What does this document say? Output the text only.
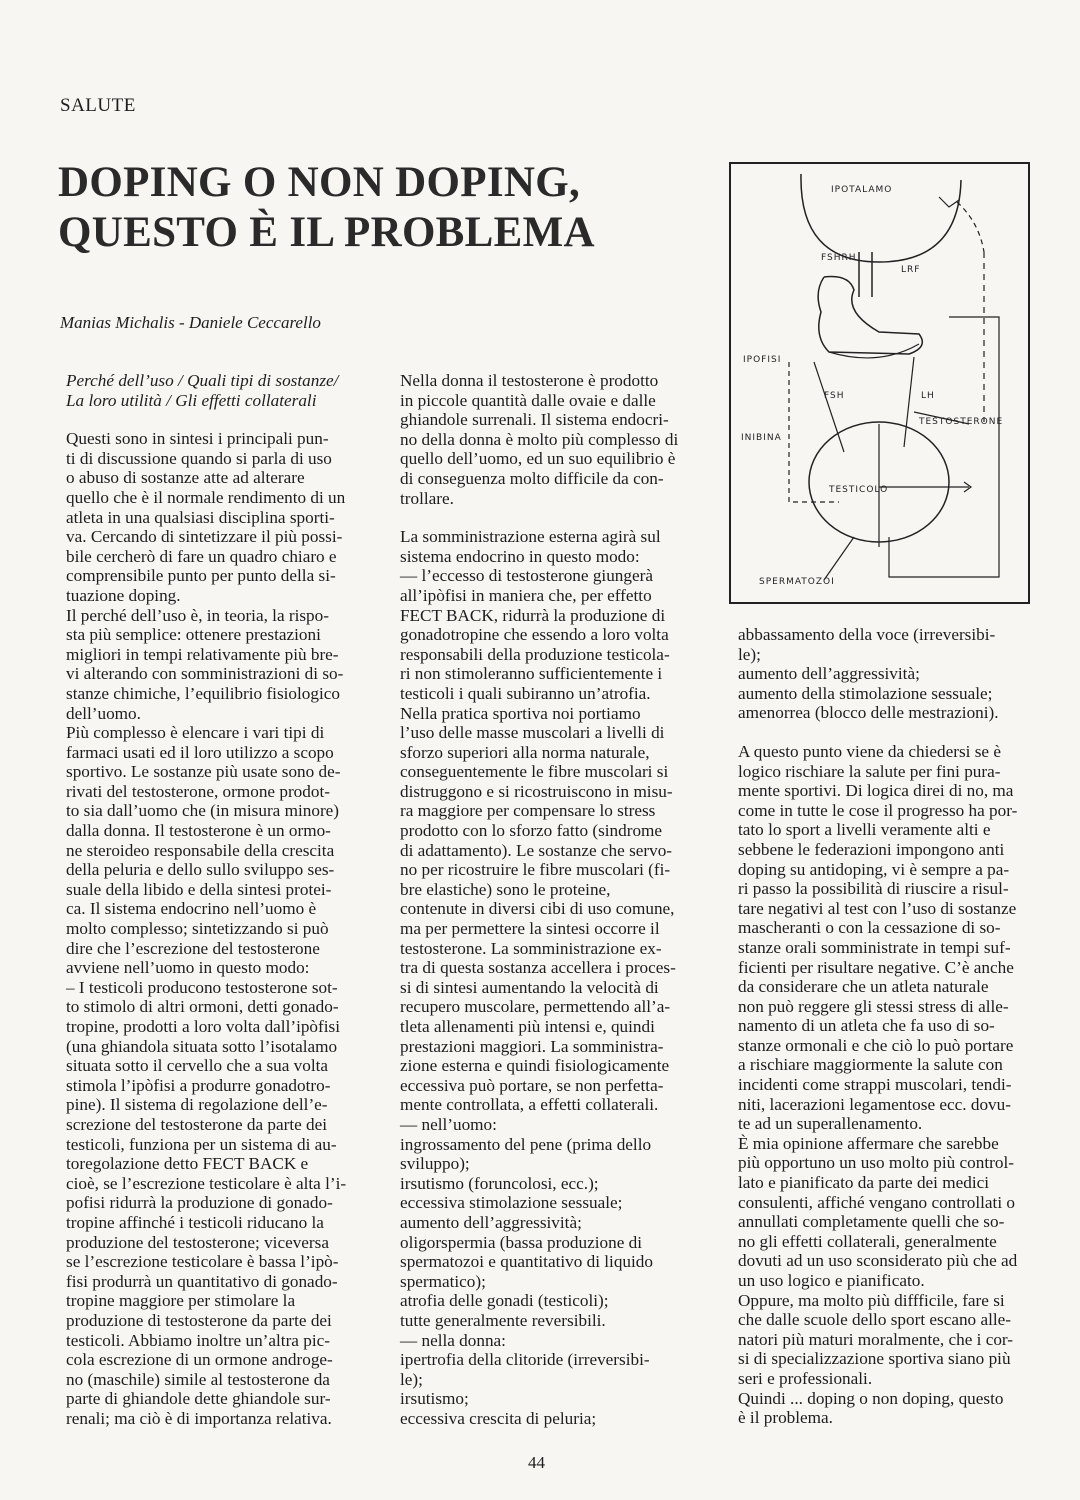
SALUTE
DOPING O NON DOPING,
QUESTO È IL PROBLEMA
Manias Michalis - Daniele Ceccarello
Perché dell’uso / Quali tipi di sostanze/
La loro utilità / Gli effetti collaterali
Questi sono in sintesi i principali pun-
ti di discussione quando si parla di uso
o abuso di sostanze atte ad alterare
quello che è il normale rendimento di un
atleta in una qualsiasi disciplina sporti-
va. Cercando di sintetizzare il più possi-
bile cercherò di fare un quadro chiaro e
comprensibile punto per punto della si-
tuazione doping.
Il perché dell’uso è, in teoria, la rispo-
sta più semplice: ottenere prestazioni
migliori in tempi relativamente più bre-
vi alterando con somministrazioni di so-
stanze chimiche, l’equilibrio fisiologico
dell’uomo.
Più complesso è elencare i vari tipi di
farmaci usati ed il loro utilizzo a scopo
sportivo. Le sostanze più usate sono de-
rivati del testosterone, ormone prodot-
to sia dall’uomo che (in misura minore)
dalla donna. Il testosterone è un ormo-
ne steroideo responsabile della crescita
della peluria e dello sullo sviluppo ses-
suale della libido e della sintesi protei-
ca. Il sistema endocrino nell’uomo è
molto complesso; sintetizzando si può
dire che l’escrezione del testosterone
avviene nell’uomo in questo modo:
– I testicoli producono testosterone sot-
to stimolo di altri ormoni, detti gonado-
tropine, prodotti a loro volta dall’ipòfisi
(una ghiandola situata sotto l’isotalamo
situata sotto il cervello che a sua volta
stimola l’ipòfisi a produrre gonadotro-
pine). Il sistema di regolazione dell’e-
screzione del testosterone da parte dei
testicoli, funziona per un sistema di au-
toregolazione detto FECT BACK e
cioè, se l’escrezione testicolare è alta l’i-
pofisi ridurrà la produzione di gonado-
tropine affinché i testicoli riducano la
produzione del testosterone; viceversa
se l’escrezione testicolare è bassa l’ipò-
fisi produrrà un quantitativo di gonado-
tropine maggiore per stimolare la
produzione di testosterone da parte dei
testicoli. Abbiamo inoltre un’altra pic-
cola escrezione di un ormone androge-
no (maschile) simile al testosterone da
parte di ghiandole dette ghiandole sur-
renali; ma ciò è di importanza relativa.
Nella donna il testosterone è prodotto
in piccole quantità dalle ovaie e dalle
ghiandole surrenali. Il sistema endocri-
no della donna è molto più complesso di
quello dell’uomo, ed un suo equilibrio è
di conseguenza molto difficile da con-
trollare.
La somministrazione esterna agirà sul
sistema endocrino in questo modo:
— l’eccesso di testosterone giungerà
all’ipòfisi in maniera che, per effetto
FECT BACK, ridurrà la produzione di
gonadotropine che essendo a loro volta
responsabili della produzione testicola-
ri non stimoleranno sufficientemente i
testicoli i quali subiranno un’atrofia.
Nella pratica sportiva noi portiamo
l’uso delle masse muscolari a livelli di
sforzo superiori alla norma naturale,
conseguentemente le fibre muscolari si
distruggono e si ricostruiscono in misu-
ra maggiore per compensare lo stress
prodotto con lo sforzo fatto (sindrome
di adattamento). Le sostanze che servo-
no per ricostruire le fibre muscolari (fi-
bre elastiche) sono le proteine,
contenute in diversi cibi di uso comune,
ma per permettere la sintesi occorre il
testosterone. La somministrazione ex-
tra di questa sostanza accellera i proces-
si di sintesi aumentando la velocità di
recupero muscolare, permettendo all’a-
tleta allenamenti più intensi e, quindi
prestazioni maggiori. La somministra-
zione esterna e quindi fisiologicamente
eccessiva può portare, se non perfetta-
mente controllata, a effetti collaterali.
— nell’uomo:
ingrossamento del pene (prima dello
sviluppo);
irsutismo (foruncolosi, ecc.);
eccessiva stimolazione sessuale;
aumento dell’aggressività;
oligorspermia (bassa produzione di
spermatozoi e quantitativo di liquido
spermatico);
atrofia delle gonadi (testicoli);
tutte generalmente reversibili.
— nella donna:
ipertrofia della clitoride (irreversibi-
le);
irsutismo;
eccessiva crescita di peluria;
abbassamento della voce (irreversibi-
le);
aumento dell’aggressività;
aumento della stimolazione sessuale;
amenorrea (blocco delle mestrazioni).
A questo punto viene da chiedersi se è
logico rischiare la salute per fini pura-
mente sportivi. Di logica direi di no, ma
come in tutte le cose il progresso ha por-
tato lo sport a livelli veramente alti e
sebbene le federazioni impongono anti
doping su antidoping, vi è sempre a pa-
ri passo la possibilità di riuscire a risul-
tare negativi al test con l’uso di sostanze
mascheranti o con la cessazione di so-
stanze orali somministrate in tempi suf-
ficienti per risultare negative. C’è anche
da considerare che un atleta naturale
non può reggere gli stessi stress di alle-
namento di un atleta che fa uso di so-
stanze ormonali e che ciò lo può portare
a rischiare maggiormente la salute con
incidenti come strappi muscolari, tendi-
niti, lacerazioni legamentose ecc. dovu-
te ad un superallenamento.
È mia opinione affermare che sarebbe
più opportuno un uso molto più control-
lato e pianificato da parte dei medici
consulenti, affiché vengano controllati o
annullati completamente quelli che so-
no gli effetti collaterali, generalmente
dovuti ad un uso sconsiderato più che ad
un uso logico e pianificato.
Oppure, ma molto più diffficile, fare si
che dalle scuole dello sport escano alle-
natori più maturi moralmente, che i cor-
si di specializzazione sportiva siano più
seri e professionali.
Quindi ... doping o non doping, questo
è il problema.
IPOTALAMO
FSHRH
LRF
IPOFISI
FSH	LH
TESTOSTERONE
INIBINA
TESTICOLO
SPERMATOZOI
44
